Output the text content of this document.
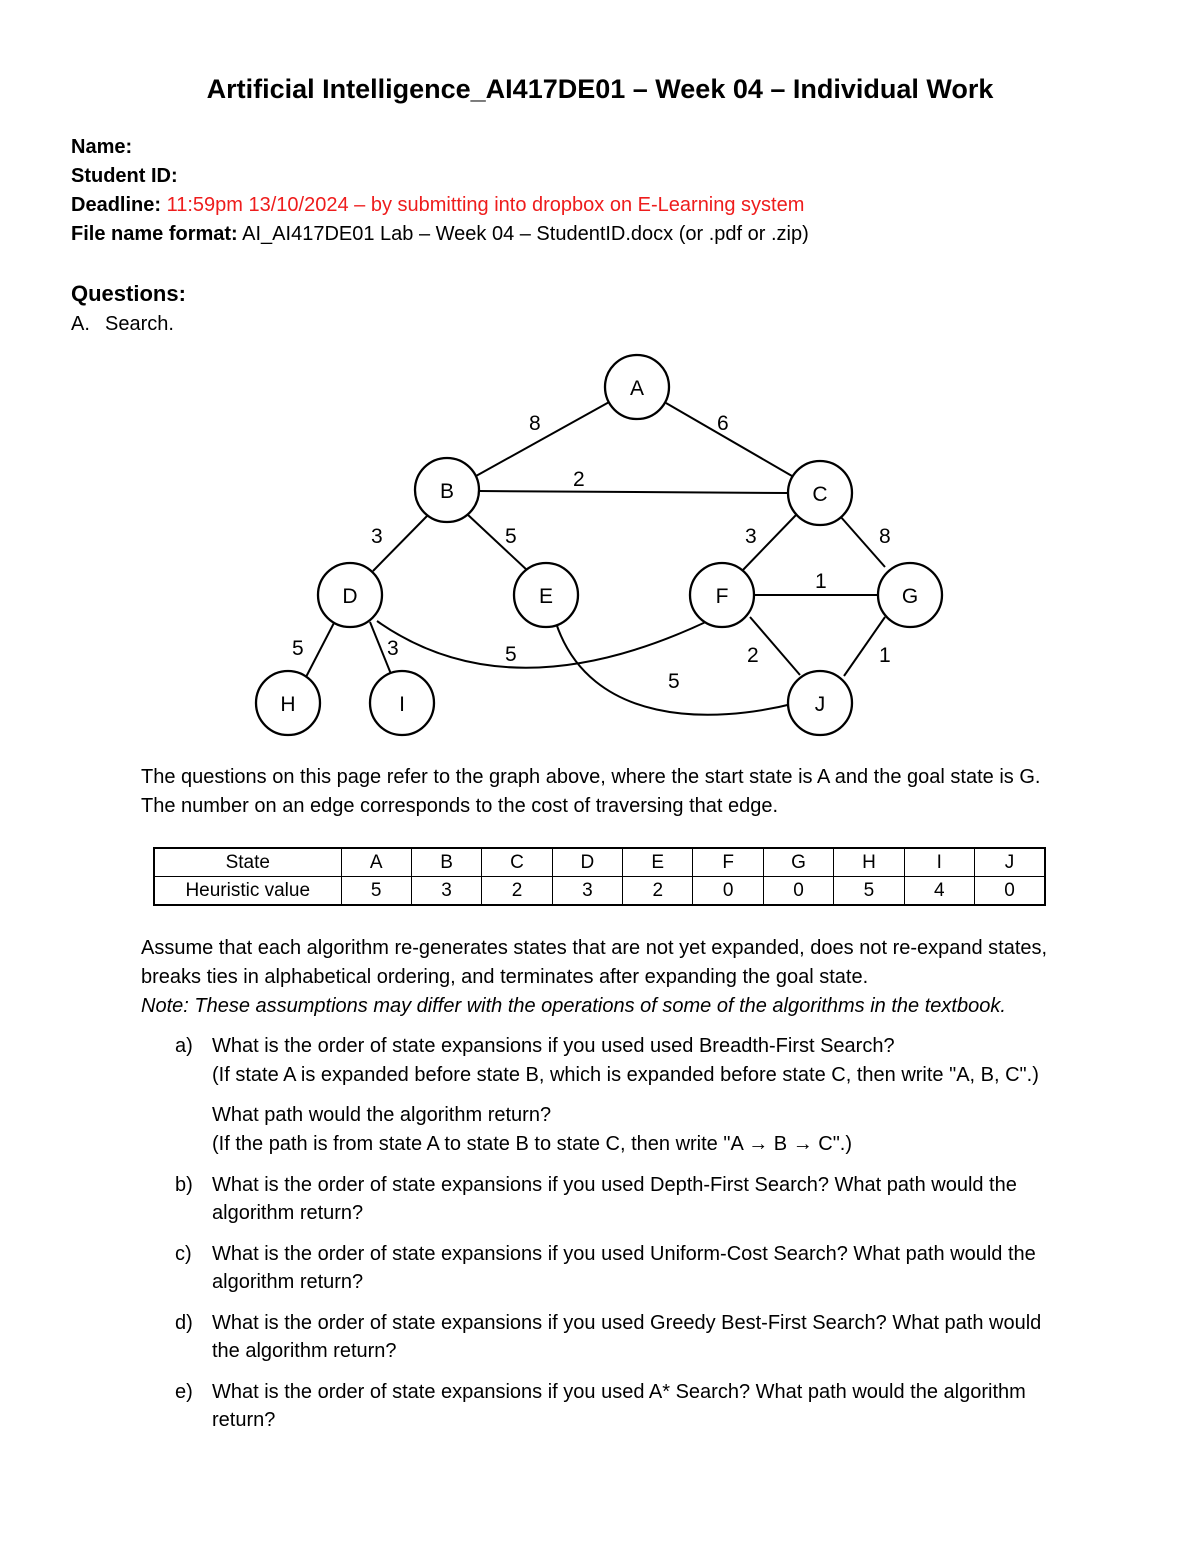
Artificial Intelligence_AI417DE01 – Week 04 – Individual Work
Name:
Student ID:
Deadline: 11:59pm 13/10/2024 – by submitting into dropbox on E-Learning system
File name format: AI_AI417DE01 Lab – Week 04 – StudentID.docx (or .pdf or .zip)
Questions:
A. Search.
8	6
2
3	5	3	8
1
5	3	5
5
2	1
A
B	C
D	E	F	G
H	I	J
The questions on this page refer to the graph above, where the start state is A and the goal state is G.
The number on an edge corresponds to the cost of traversing that edge.
State	A	B	C	D	E	F	G	H	I	J
Heuristic value	5	3	2	3	2	0	0	5	4	0
Assume that each algorithm re-generates states that are not yet expanded, does not re-expand states,
breaks ties in alphabetical ordering, and terminates after expanding the goal state.
Note: These assumptions may differ with the operations of some of the algorithms in the textbook.
a) What is the order of state expansions if you used used Breadth-First Search?
(If state A is expanded before state B, which is expanded before state C, then write "A, B, C".)
What path would the algorithm return?
(If the path is from state A to state B to state C, then write "A → B → C".)
b) What is the order of state expansions if you used Depth-First Search? What path would the
algorithm return?
c) What is the order of state expansions if you used Uniform-Cost Search? What path would the
algorithm return?
d) What is the order of state expansions if you used Greedy Best-First Search? What path would
the algorithm return?
e) What is the order of state expansions if you used A* Search? What path would the algorithm
return?
